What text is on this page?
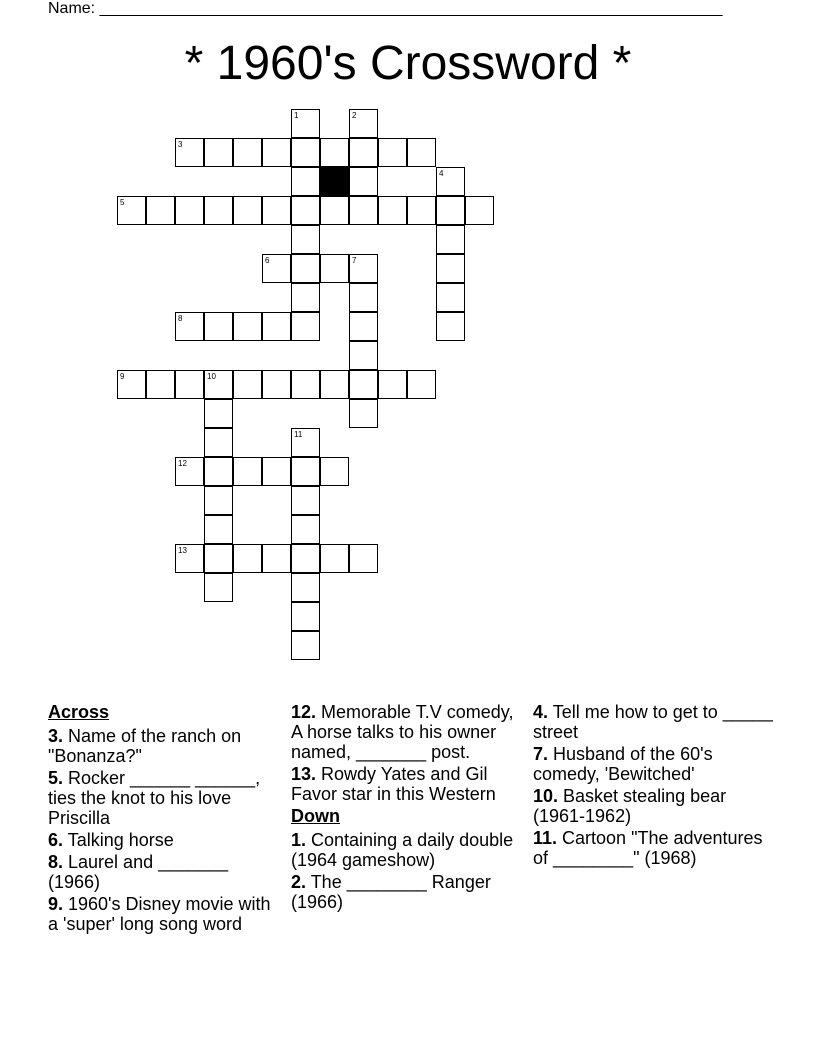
Name: ______________________________________________________________________
* 1960's Crossword *
1	2
3
4
5
6	7
8
9	10
11
12
13
Across
3. Name of the ranch on "Bonanza?"
5. Rocker ______ ______, ties the knot to his love Priscilla
6. Talking horse
8. Laurel and _______ (1966)
9. 1960's Disney movie with a 'super' long song word
12. Memorable T.V comedy, A horse talks to his owner named, _______ post.
13. Rowdy Yates and Gil Favor star in this Western
Down
1. Containing a daily double (1964 gameshow)
2. The ________ Ranger (1966)
4. Tell me how to get to _____ street
7. Husband of the 60's comedy, 'Bewitched'
10. Basket stealing bear (1961-1962)
11. Cartoon "The adventures of ________" (1968)
